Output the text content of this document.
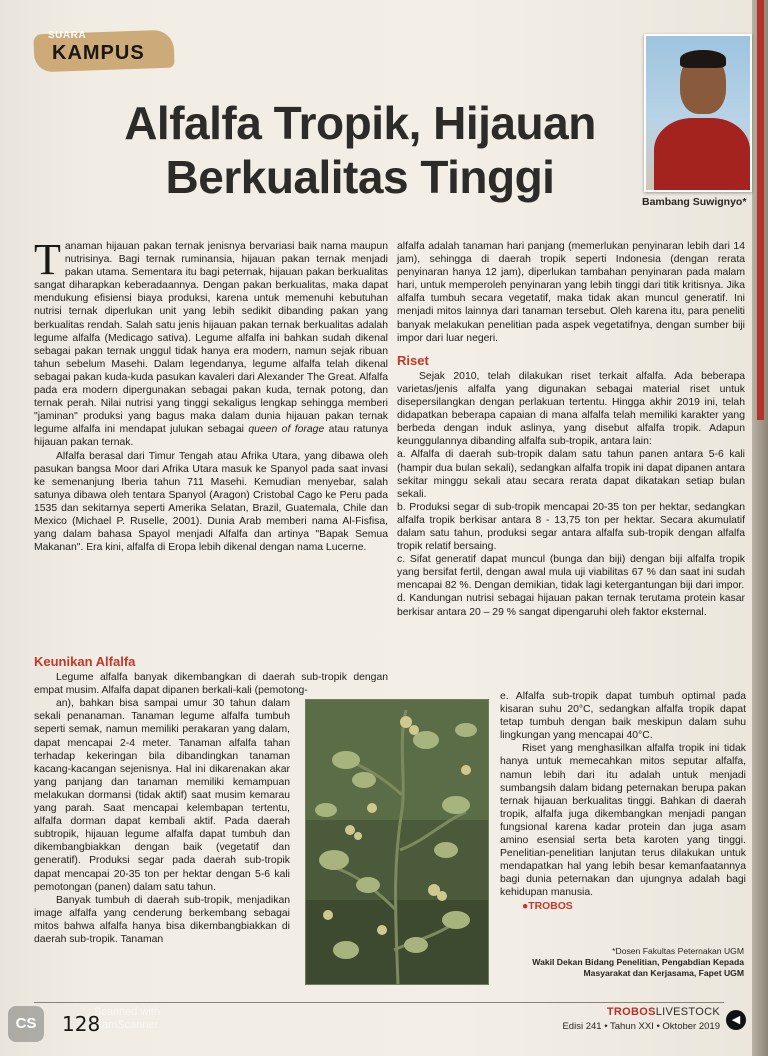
SUARA
KAMPUS
Bambang Suwignyo*
Alfalfa Tropik, Hijauan
Berkualitas Tinggi

Tanaman hijauan pakan ternak jenisnya bervariasi baik nama maupun nutrisinya. Bagi ternak ruminansia, hijauan pakan ternak menjadi pakan utama. Sementara itu bagi peternak, hijauan pakan berkualitas sangat diharapkan keberadaannya. Dengan pakan berkualitas, maka dapat mendukung efisiensi biaya produksi, karena untuk memenuhi kebutuhan nutrisi ternak diperlukan unit yang lebih sedikit dibanding pakan yang berkualitas rendah. Salah satu jenis hijauan pakan ternak berkualitas adalah legume alfalfa (Medicago sativa). Legume alfalfa ini bahkan sudah dikenal sebagai pakan ternak unggul tidak hanya era modern, namun sejak ribuan tahun sebelum Masehi. Dalam legendanya, legume alfalfa telah dikenal sebagai pakan kuda-kuda pasukan kavaleri dari Alexander The Great. Alfalfa pada era modern dipergunakan sebagai pakan kuda, ternak potong, dan ternak perah. Nilai nutrisi yang tinggi sekaligus lengkap sehingga memberi "jaminan" produksi yang bagus maka dalam dunia hijauan pakan ternak legume alfalfa ini mendapat julukan sebagai queen of forage atau ratunya hijauan pakan ternak.

Alfalfa berasal dari Timur Tengah atau Afrika Utara, yang dibawa oleh pasukan bangsa Moor dari Afrika Utara masuk ke Spanyol pada saat invasi ke semenanjung Iberia tahun 711 Masehi. Kemudian menyebar, salah satunya dibawa oleh tentara Spanyol (Aragon) Cristobal Cago ke Peru pada 1535 dan sekitarnya seperti Amerika Selatan, Brazil, Guatemala, Chile dan Mexico (Michael P. Ruselle, 2001). Dunia Arab memberi nama Al-Fisfisa, yang dalam bahasa Spayol menjadi Alfalfa dan artinya "Bapak Semua Makanan". Era kini, alfalfa di Eropa lebih dikenal dengan nama Lucerne.

Keunikan Alfalfa

Legume alfalfa banyak dikembangkan di daerah sub-tropik dengan empat musim. Alfalfa dapat dipanen berkali-kali (pemotong-

an), bahkan bisa sampai umur 30 tahun dalam sekali penanaman. Tanaman legume alfalfa tumbuh seperti semak, namun memiliki perakaran yang dalam, dapat mencapai 2-4 meter. Tanaman alfalfa tahan terhadap kekeringan bila dibandingkan tanaman kacang-kacangan sejenisnya. Hal ini dikarenakan akar yang panjang dan tanaman memiliki kemampuan melakukan dormansi (tidak aktif) saat musim kemarau yang parah. Saat mencapai kelembapan tertentu, alfalfa dorman dapat kembali aktif. Pada daerah subtropik, hijauan legume alfalfa dapat tumbuh dan dikembangbiakkan dengan baik (vegetatif dan generatif). Produksi segar pada daerah sub-tropik dapat mencapai 20-35 ton per hektar dengan 5-6 kali pemotongan (panen) dalam satu tahun.

Banyak tumbuh di daerah sub-tropik, menjadikan image alfalfa yang cenderung berkembang sebagai mitos bahwa alfalfa hanya bisa dikembangbiakkan di daerah sub-tropik. Tanaman

alfalfa adalah tanaman hari panjang (memerlukan penyinaran lebih dari 14 jam), sehingga di daerah tropik seperti Indonesia (dengan rerata penyinaran hanya 12 jam), diperlukan tambahan penyinaran pada malam hari, untuk memperoleh penyinaran yang lebih tinggi dari titik kritisnya. Jika alfalfa tumbuh secara vegetatif, maka tidak akan muncul generatif. Ini menjadi mitos lainnya dari tanaman tersebut. Oleh karena itu, para peneliti banyak melakukan penelitian pada aspek vegetatifnya, dengan sumber biji impor dari luar negeri.

Riset

Sejak 2010, telah dilakukan riset terkait alfalfa. Ada beberapa varietas/jenis alfalfa yang digunakan sebagai material riset untuk disepersilangkan dengan perlakuan tertentu. Hingga akhir 2019 ini, telah didapatkan beberapa capaian di mana alfalfa telah memiliki karakter yang berbeda dengan induk aslinya, yang disebut alfalfa tropik. Adapun keunggulannya dibanding alfalfa sub-tropik, antara lain:

a. Alfalfa di daerah sub-tropik dalam satu tahun panen antara 5-6 kali (hampir dua bulan sekali), sedangkan alfalfa tropik ini dapat dipanen antara sekitar minggu sekali atau secara rerata dapat dikatakan setiap bulan sekali.

b. Produksi segar di sub-tropik mencapai 20-35 ton per hektar, sedangkan alfalfa tropik berkisar antara 8 - 13,75 ton per hektar. Secara akumulatif dalam satu tahun, produksi segar antara alfalfa sub-tropik dengan alfalfa tropik relatif bersaing.

c. Sifat generatif dapat muncul (bunga dan biji) dengan biji alfalfa tropik yang bersifat fertil, dengan awal mula uji viabilitas 67 % dan saat ini sudah mencapai 82 %. Dengan demikian, tidak lagi ketergantungan biji dari impor.

d. Kandungan nutrisi sebagai hijauan pakan ternak terutama protein kasar berkisar antara 20 – 29 % sangat dipengaruhi oleh faktor eksternal.

e. Alfalfa sub-tropik dapat tumbuh optimal pada kisaran suhu 20°C, sedangkan alfalfa tropik dapat tetap tumbuh dengan baik meskipun dalam suhu lingkungan yang mencapai 40°C.

Riset yang menghasilkan alfalfa tropik ini tidak hanya untuk memecahkan mitos seputar alfalfa, namun lebih dari itu adalah untuk menjadi sumbangsih dalam bidang peternakan berupa pakan ternak hijauan berkualitas tinggi. Bahkan di daerah tropik, alfalfa juga dikembangkan menjadi pangan fungsional karena kadar protein dan juga asam amino esensial serta beta karoten yang tinggi. Penelitian-penelitian lanjutan terus dilakukan untuk mendapatkan hal yang lebih besar kemanfaatannya bagi dunia peternakan dan ujungnya adalah bagi kehidupan manusia.

●TROBOS

*Dosen Fakultas Peternakan UGM
Wakil Dekan Bidang Penelitian, Pengabdian Kepada
Masyarakat dan Kerjasama, Fapet UGM
CS
Scanned with
CamScanner
128	TROBOSLIVESTOCK
Edisi 241 • Tahun XXI • Oktober 2019
◀
